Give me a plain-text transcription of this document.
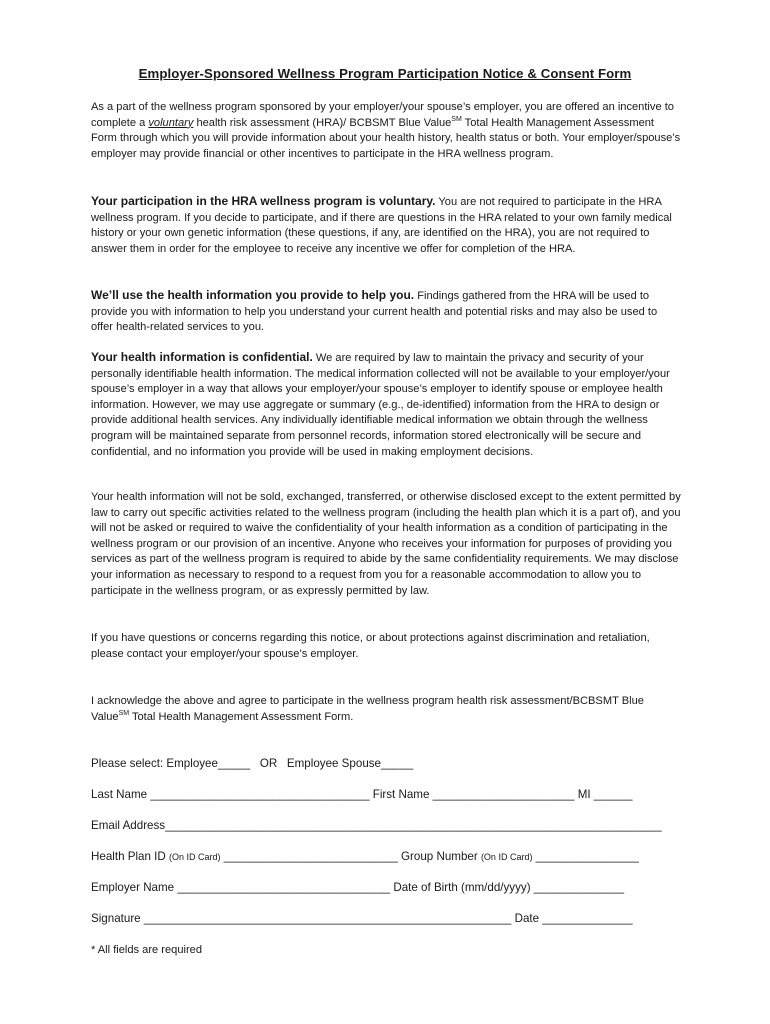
Employer-Sponsored Wellness Program Participation Notice & Consent Form
As a part of the wellness program sponsored by your employer/your spouse’s employer, you are offered an incentive to complete a voluntary health risk assessment (HRA)/ BCBSMT Blue Value℠ Total Health Management Assessment Form through which you will provide information about your health history, health status or both. Your employer/spouse’s employer may provide financial or other incentives to participate in the HRA wellness program.
Your participation in the HRA wellness program is voluntary. You are not required to participate in the HRA wellness program. If you decide to participate, and if there are questions in the HRA related to your own family medical history or your own genetic information (these questions, if any, are identified on the HRA), you are not required to answer them in order for the employee to receive any incentive we offer for completion of the HRA.
We’ll use the health information you provide to help you. Findings gathered from the HRA will be used to provide you with information to help you understand your current health and potential risks and may also be used to offer health-related services to you.
Your health information is confidential. We are required by law to maintain the privacy and security of your personally identifiable health information. The medical information collected will not be available to your employer/your spouse’s employer in a way that allows your employer/your spouse’s employer to identify spouse or employee health information. However, we may use aggregate or summary (e.g., de-identified) information from the HRA to design or provide additional health services. Any individually identifiable medical information we obtain through the wellness program will be maintained separate from personnel records, information stored electronically will be secure and confidential, and no information you provide will be used in making employment decisions.
Your health information will not be sold, exchanged, transferred, or otherwise disclosed except to the extent permitted by law to carry out specific activities related to the wellness program (including the health plan which it is a part of), and you will not be asked or required to waive the confidentiality of your health information as a condition of participating in the wellness program or our provision of an incentive. Anyone who receives your information for purposes of providing you services as part of the wellness program is required to abide by the same confidentiality requirements. We may disclose your information as necessary to respond to a request from you for a reasonable accommodation to allow you to participate in the wellness program, or as expressly permitted by law.
If you have questions or concerns regarding this notice, or about protections against discrimination and retaliation, please contact your employer/your spouse’s employer.
I acknowledge the above and agree to participate in the wellness program health risk assessment/BCBSMT Blue Value℠ Total Health Management Assessment Form.
Please select: Employee_____   OR   Employee Spouse_____
Last Name __________________________________ First Name ______________________ MI ______
Email Address_____________________________________________________________________________
Health Plan ID (On ID Card) ___________________________ Group Number (On ID Card) ________________
Employer Name _________________________________ Date of Birth (mm/dd/yyyy) ______________
Signature _________________________________________________________ Date ______________
* All fields are required
